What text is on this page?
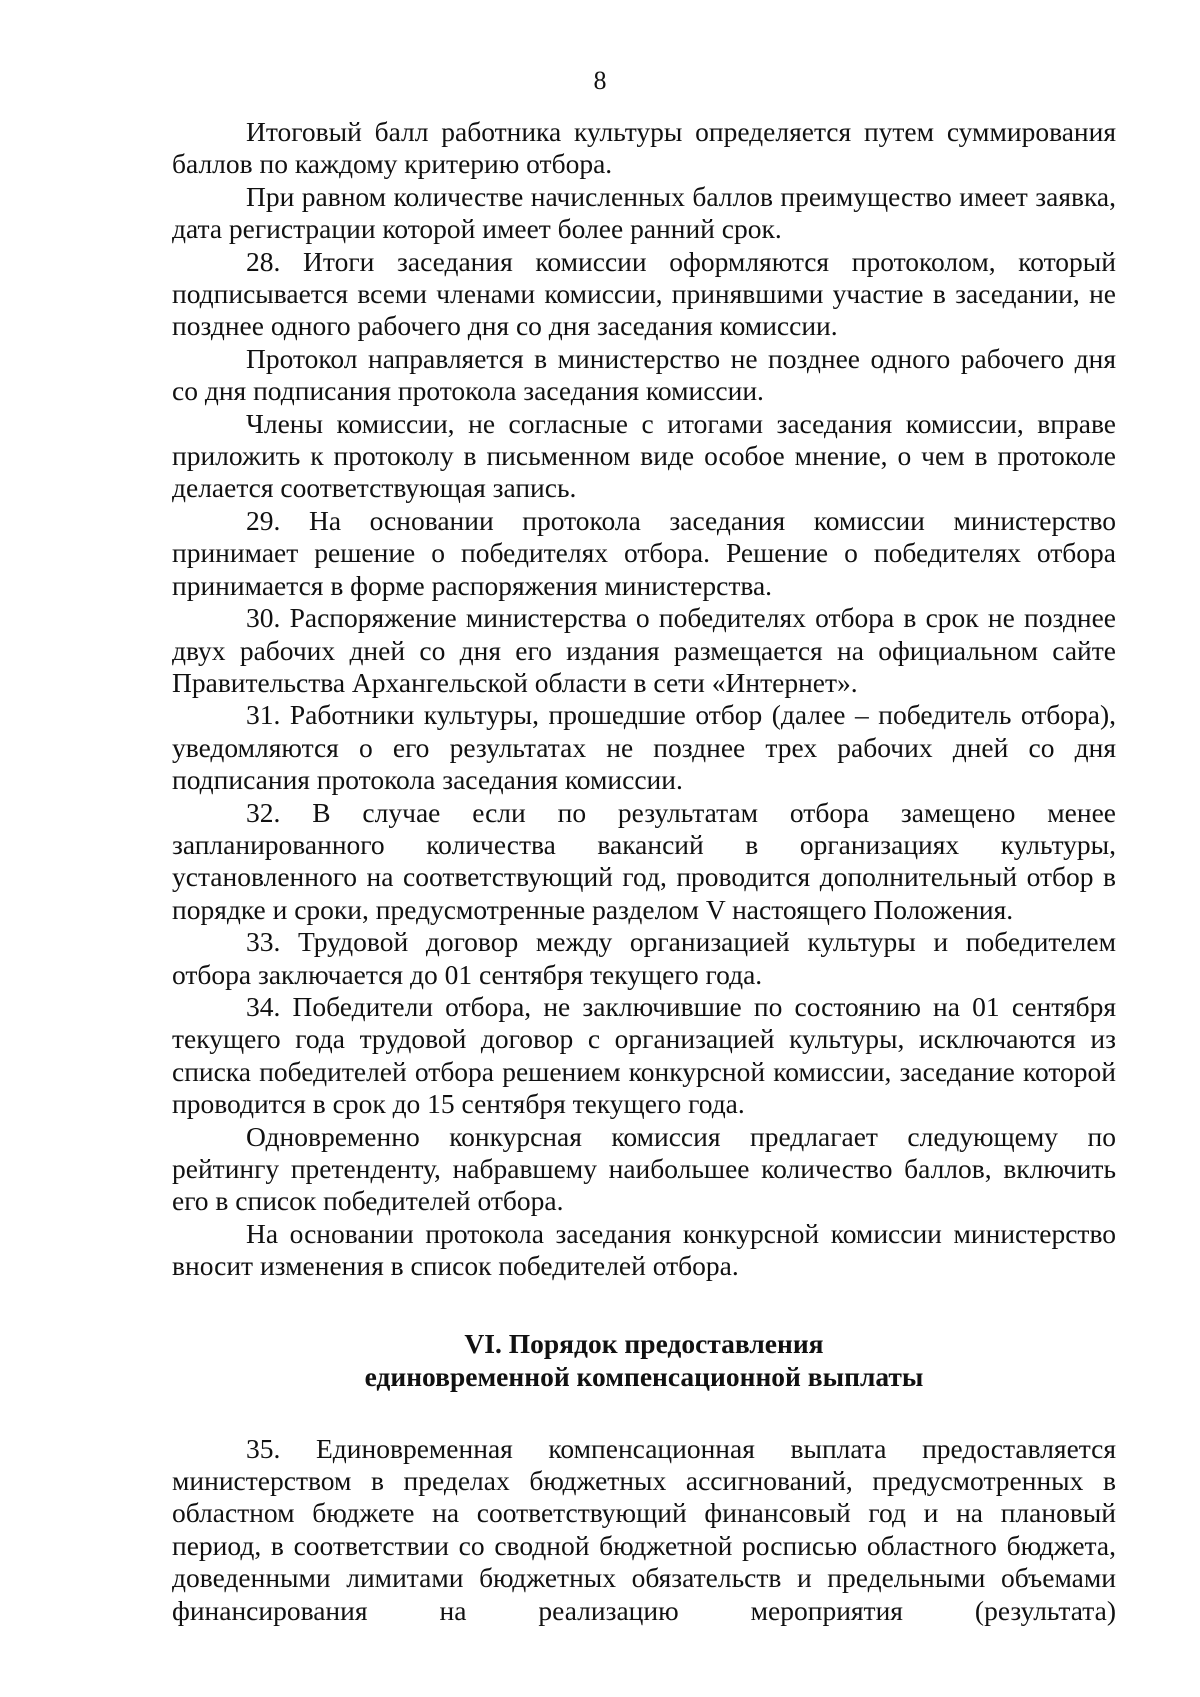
8

Итоговый балл работника культуры определяется путем суммирования баллов по каждому критерию отбора.

При равном количестве начисленных баллов преимущество имеет заявка, дата регистрации которой имеет более ранний срок.

28. Итоги заседания комиссии оформляются протоколом, который подписывается всеми членами комиссии, принявшими участие в заседании, не позднее одного рабочего дня со дня заседания комиссии.

Протокол направляется в министерство не позднее одного рабочего дня со дня подписания протокола заседания комиссии.

Члены комиссии, не согласные с итогами заседания комиссии, вправе приложить к протоколу в письменном виде особое мнение, о чем в протоколе делается соответствующая запись.

29. На основании протокола заседания комиссии министерство принимает решение о победителях отбора. Решение о победителях отбора принимается в форме распоряжения министерства.

30. Распоряжение министерства о победителях отбора в срок не позднее двух рабочих дней со дня его издания размещается на официальном сайте Правительства Архангельской области в сети «Интернет».

31. Работники культуры, прошедшие отбор (далее – победитель отбора), уведомляются о его результатах не позднее трех рабочих дней со дня подписания протокола заседания комиссии.

32. В случае если по результатам отбора замещено менее запланированного количества вакансий в организациях культуры, установленного на соответствующий год, проводится дополнительный отбор в порядке и сроки, предусмотренные разделом V настоящего Положения.

33. Трудовой договор между организацией культуры и победителем отбора заключается до 01 сентября текущего года.

34. Победители отбора, не заключившие по состоянию на 01 сентября текущего года трудовой договор с организацией культуры, исключаются из списка победителей отбора решением конкурсной комиссии, заседание которой проводится в срок до 15 сентября текущего года.

Одновременно конкурсная комиссия предлагает следующему по рейтингу претенденту, набравшему наибольшее количество баллов, включить его в список победителей отбора.

На основании протокола заседания конкурсной комиссии министерство вносит изменения в список победителей отбора.

VI. Порядок предоставления
единовременной компенсационной выплаты

35. Единовременная компенсационная выплата предоставляется министерством в пределах бюджетных ассигнований, предусмотренных в областном бюджете на соответствующий финансовый год и на плановый период, в соответствии со сводной бюджетной росписью областного бюджета, доведенными лимитами бюджетных обязательств и предельными объемами финансирования на реализацию мероприятия (результата)
